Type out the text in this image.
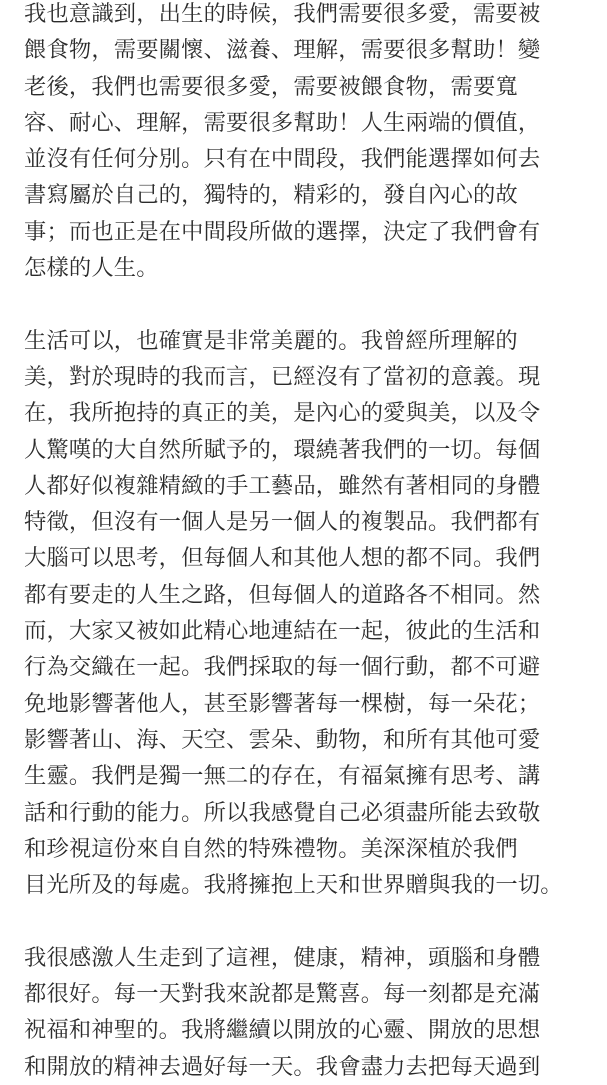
我也意識到，出生的時候，我們需要很多愛，需要被
餵食物，需要關懷、滋養、理解，需要很多幫助！變
老後，我們也需要很多愛，需要被餵食物，需要寬
容、耐心、理解，需要很多幫助！人生兩端的價值，
並沒有任何分別。只有在中間段，我們能選擇如何去
書寫屬於自己的，獨特的，精彩的，發自內心的故
事；而也正是在中間段所做的選擇，決定了我們會有
怎樣的人生。

生活可以，也確實是非常美麗的。我曾經所理解的
美，對於現時的我而言，已經沒有了當初的意義。現
在，我所抱持的真正的美，是內心的愛與美，以及令
人驚嘆的大自然所賦予的，環繞著我們的一切。每個
人都好似複雜精緻的手工藝品，雖然有著相同的身體
特徵，但沒有一個人是另一個人的複製品。我們都有
大腦可以思考，但每個人和其他人想的都不同。我們
都有要走的人生之路，但每個人的道路各不相同。然
而，大家又被如此精心地連結在一起，彼此的生活和
行為交織在一起。我們採取的每一個行動，都不可避
免地影響著他人，甚至影響著每一棵樹，每一朵花；
影響著山、海、天空、雲朵、動物，和所有其他可愛
生靈。我們是獨一無二的存在，有福氣擁有思考、講
話和行動的能力。所以我感覺自己必須盡所能去致敬
和珍視這份來自自然的特殊禮物。美深深植於我們
目光所及的每處。我將擁抱上天和世界贈與我的一切。

我很感激人生走到了這裡，健康，精神，頭腦和身體
都很好。每一天對我來說都是驚喜。每一刻都是充滿
祝福和神聖的。我將繼續以開放的心靈、開放的思想
和開放的精神去過好每一天。我會盡力去把每天過到
